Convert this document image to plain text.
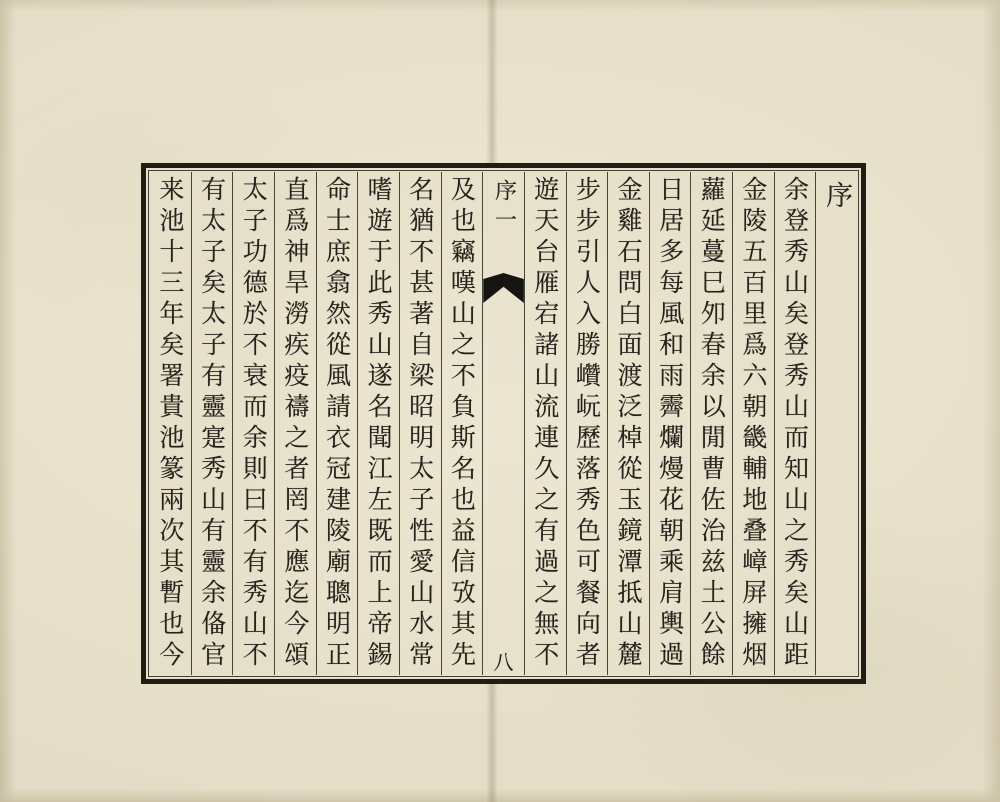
序
余登秀山矣登秀山而知山之秀矣山距
金陵五百里爲六朝畿輔地叠嶂屏擁烟
蘿延蔓巳夘春余以閒曹佐治兹土公餘
日居多每風和雨霽爛熳花朝乘肩輿過
金雞石問白面渡泛棹從玉鏡潭抵山麓
步步引人入勝巑岏歷落秀色可餐向者
遊天台雁宕諸山流連久之有過之無不
序一
八
及也竊嘆山之不負斯名也益信攷其先
名猶不甚著自梁昭明太子性愛山水常
嗜遊于此秀山遂名聞江左既而上帝錫
命士庶翕然從風請衣冠建陵廟聰明正
直爲神旱澇疾疫禱之者罔不應迄今頌
太子功德於不衰而余則曰不有秀山不
有太子矣太子有靈寔秀山有靈余俻官
来池十三年矣署貴池篆兩次其暫也今
